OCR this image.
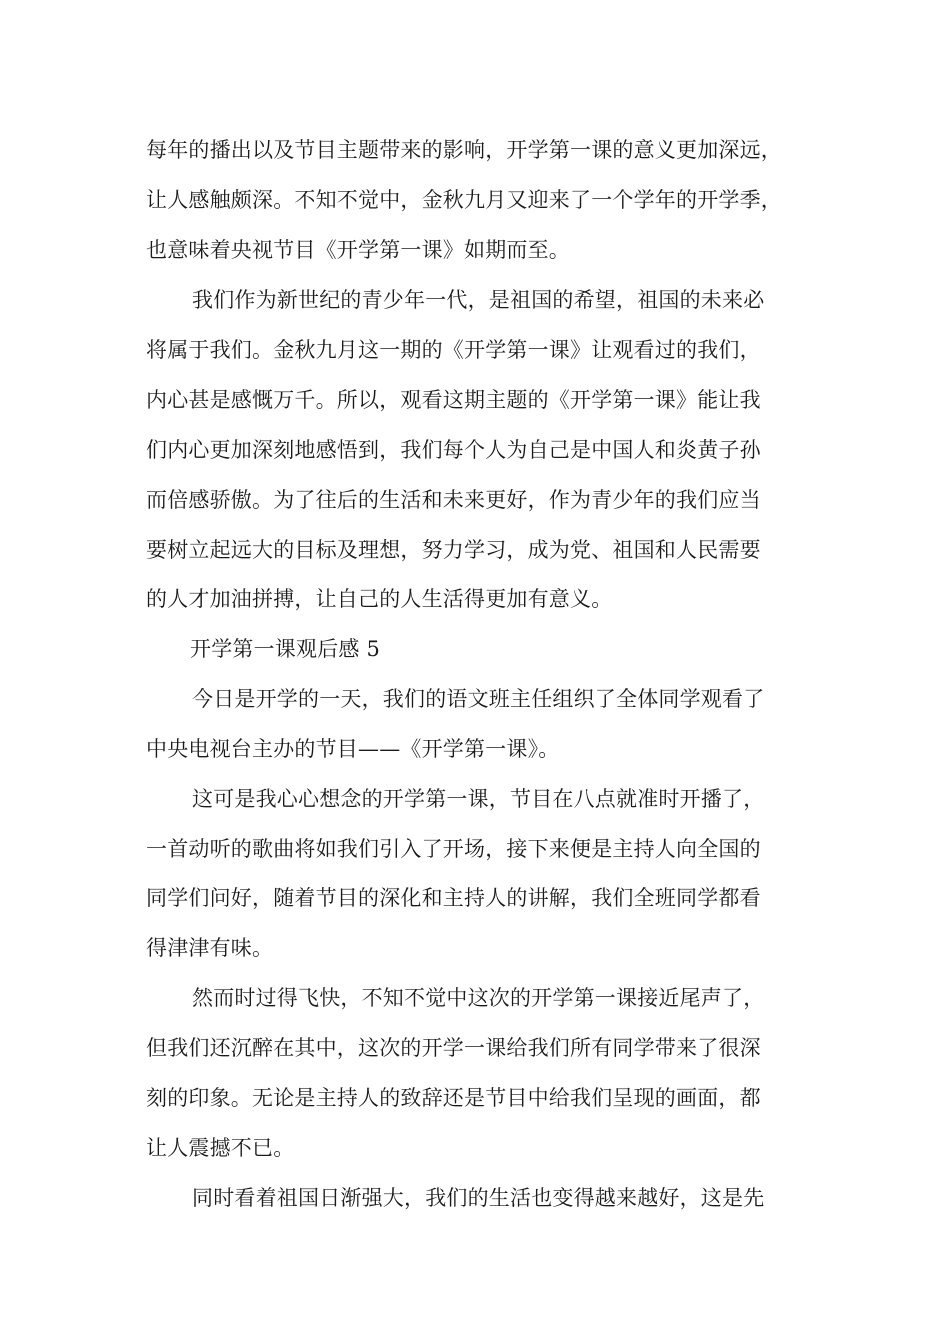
每年的播出以及节目主题带来的影响，开学第一课的意义更加深远，
让人感触颇深。不知不觉中，金秋九月又迎来了一个学年的开学季，
也意味着央视节目《开学第一课》如期而至。
我们作为新世纪的青少年一代，是祖国的希望，祖国的未来必
将属于我们。金秋九月这一期的《开学第一课》让观看过的我们，
内心甚是感慨万千。所以，观看这期主题的《开学第一课》能让我
们内心更加深刻地感悟到，我们每个人为自己是中国人和炎黄子孙
而倍感骄傲。为了往后的生活和未来更好，作为青少年的我们应当
要树立起远大的目标及理想，努力学习，成为党、祖国和人民需要
的人才加油拼搏，让自己的人生活得更加有意义。
开学第一课观后感 5
今日是开学的一天，我们的语文班主任组织了全体同学观看了
中央电视台主办的节目——《开学第一课》。
这可是我心心想念的开学第一课，节目在八点就准时开播了，
一首动听的歌曲将如我们引入了开场，接下来便是主持人向全国的
同学们问好，随着节目的深化和主持人的讲解，我们全班同学都看
得津津有味。
然而时过得飞快，不知不觉中这次的开学第一课接近尾声了，
但我们还沉醉在其中，这次的开学一课给我们所有同学带来了很深
刻的印象。无论是主持人的致辞还是节目中给我们呈现的画面，都
让人震撼不已。
同时看着祖国日渐强大，我们的生活也变得越来越好，这是先
